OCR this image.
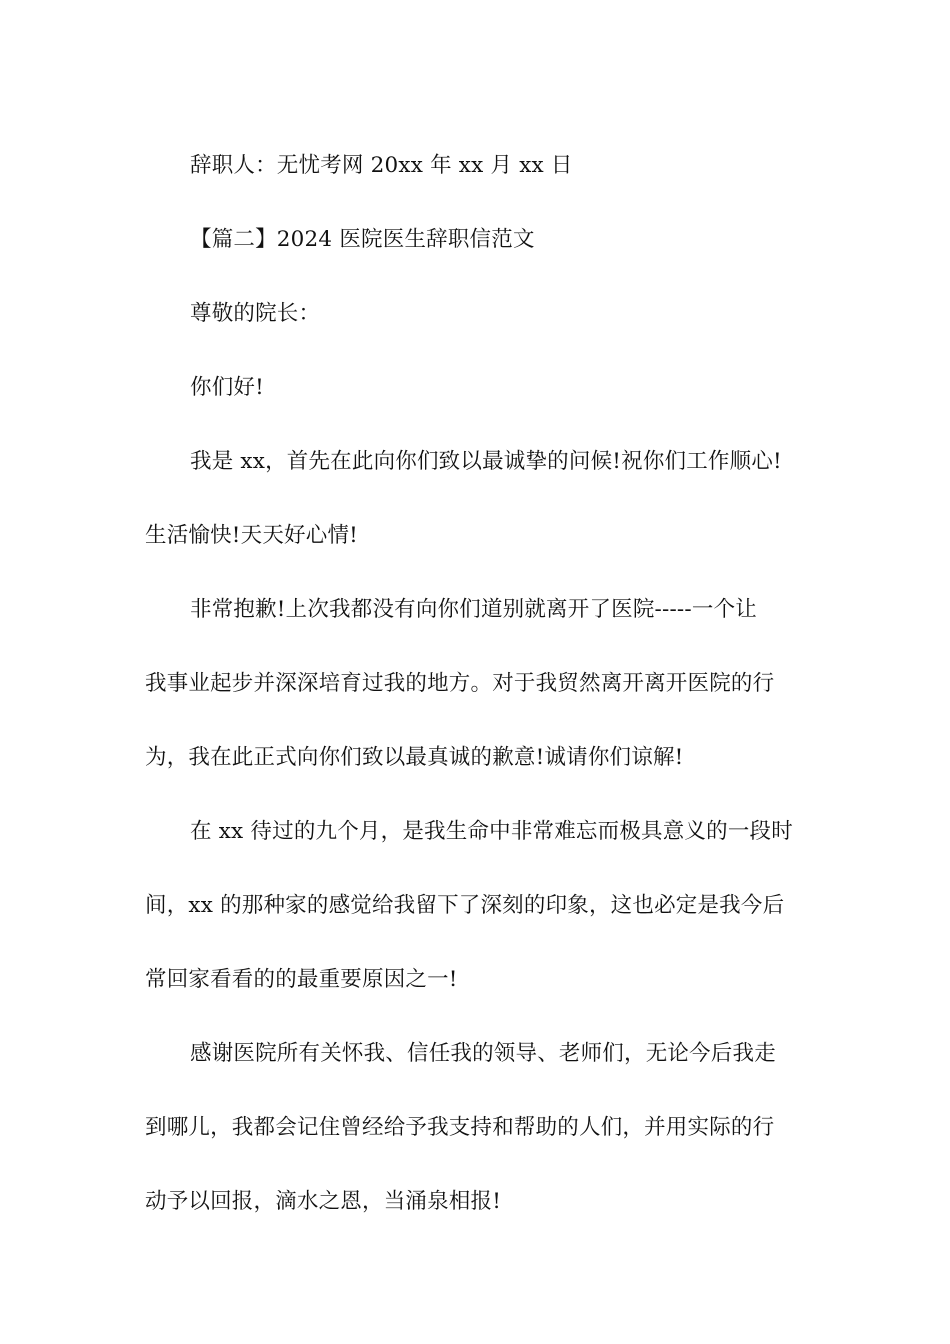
辞职人：无忧考网 20xx 年 xx 月 xx 日
【篇二】2024 医院医生辞职信范文
尊敬的院长：
你们好!
我是 xx，首先在此向你们致以最诚挚的问候!祝你们工作顺心!
生活愉快!天天好心情!
非常抱歉!上次我都没有向你们道别就离开了医院-----一个让
我事业起步并深深培育过我的地方。对于我贸然离开离开医院的行
为，我在此正式向你们致以最真诚的歉意!诚请你们谅解!
在 xx 待过的九个月，是我生命中非常难忘而极具意义的一段时
间，xx 的那种家的感觉给我留下了深刻的印象，这也必定是我今后
常回家看看的的最重要原因之一!
感谢医院所有关怀我、信任我的领导、老师们，无论今后我走
到哪儿，我都会记住曾经给予我支持和帮助的人们，并用实际的行
动予以回报，滴水之恩，当涌泉相报!
